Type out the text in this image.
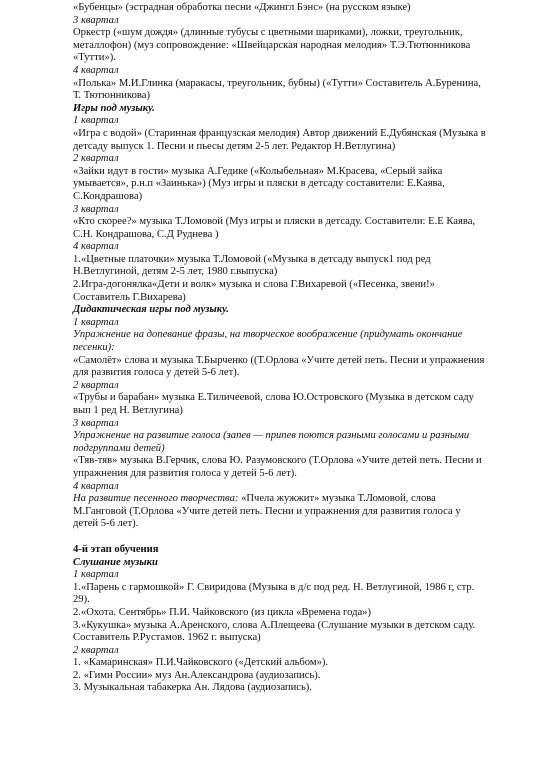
«Бубенцы» (эстрадная обработка песни «Джингл Бэнс» (на русском языке)
3 квартал
Оркестр («шум дождя» (длинные тубусы с цветными шариками), ложки, треугольник,
металлофон) (муз сопровождение: «Швейцарская народная мелодия» Т.Э.Тютюнникова
«Тутти»).
4 квартал
«Полька» М.И.Глинка (маракасы, треугольник, бубны) («Тутти» Составитель А.Буренина,
Т. Тютюнникова)
Игры под музыку.
1 квартал
«Игра с водой» (Старинная французская мелодия) Автор движений Е.Дубянская (Музыка в
детсаду выпуск 1. Песни и пьесы детям 2-5 лет. Редактор Н.Ветлугина)
2 квартал
«Зайки идут в гости» музыка А.Гедике («Колыбельная» М.Красева, «Серый зайка
умывается», р.н.п «Заинька») (Муз игры и пляски в детсаду составители: Е.Каява,
С.Кондрашова)
3 квартал
«Кто скорее?» музыка Т.Ломовой (Муз игры и пляски в детсаду. Составители: Е.Е Каява,
С.Н. Кондрашова, С.Д Руднева )
4 квартал
1.«Цветные платочки» музыка Т.Ломовой («Музыка в детсаду выпуск1 под ред
Н.Ветлугиной, детям 2-5 лет, 1980 г.выпуска)
2.Игра-догонялка«Дети и волк» музыка и слова Г.Вихаревой («Песенка, звени!»
Составитель Г.Вихарева)
Дидактическая игры под музыку.
1 квартал
Упражнение на допевание фразы, на творческое воображение (придумать окончание
песенки):
«Самолёт» слова и музыка Т.Бырченко ((Т.Орлова «Учите детей петь. Песни и упражнения
для развития голоса у детей 5-6 лет).
2 квартал
«Трубы и барабан» музыка Е.Тиличеевой, слова Ю.Островского (Музыка в детском саду
вып 1 ред Н. Ветлугина)
3 квартал
Упражнение на развитие голоса (запев — припев поются разными голосами и разными
подгруппами детей)
«Тяв-тяв» музыка В.Герчик, слова Ю. Разумовского (Т.Орлова «Учите детей петь. Песни и
упражнения для развития голоса у детей 5-6 лет).
4 квартал
На развитие песенного творчества: «Пчела жужжит» музыка Т.Ломовой, слова
М.Ганговой (Т.Орлова «Учите детей петь. Песни и упражнения для развития голоса у
детей 5-6 лет).
4-й этап обучения
Слушание музыки
1 квартал
1.«Парень с гармошкой» Г. Свиридова (Музыка в д/с под ред. Н. Ветлугиной, 1986 г, стр.
29).
2.«Охота. Сентябрь» П.И. Чайковского (из цикла «Времена года»)
3.«Кукушка» музыка А.Аренского, слова А.Плещеева (Слушание музыки в детском саду.
Составитель Р.Рустамов. 1962 г. выпуска)
2 квартал
1. «Камаринская» П.И.Чайковского («Детский альбом»).
2. «Гимн России» муз Ан.Александрова (аудиозапись).
3. Музыкальная табакерка Ан. Лядова (аудиозапись).
